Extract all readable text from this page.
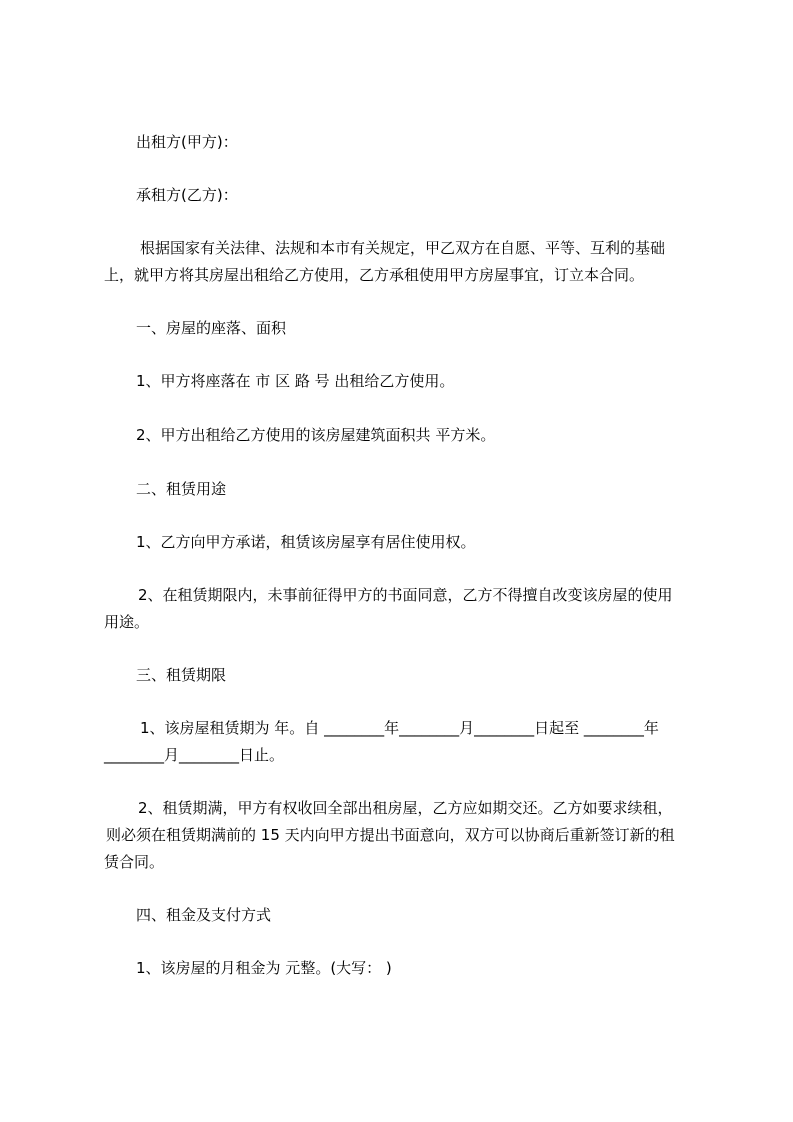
出租方(甲方)：

承租方(乙方)：

根据国家有关法律、法规和本市有关规定，甲乙双方在自愿、平等、互利的基础

上，就甲方将其房屋出租给乙方使用，乙方承租使用甲方房屋事宜，订立本合同。

一、房屋的座落、面积

1、甲方将座落在 市 区 路 号 出租给乙方使用。

2、甲方出租给乙方使用的该房屋建筑面积共 平方米。

二、租赁用途

1、乙方向甲方承诺，租赁该房屋享有居住使用权。

2、在租赁期限内，未事前征得甲方的书面同意，乙方不得擅自改变该房屋的使用

用途。

三、租赁期限

1、该房屋租赁期为 年。自 ________年________月________日起至 ________年

________月________日止。

2、租赁期满，甲方有权收回全部出租房屋，乙方应如期交还。乙方如要求续租，

则必须在租赁期满前的 15 天内向甲方提出书面意向，双方可以协商后重新签订新的租

赁合同。

四、租金及支付方式

1、该房屋的月租金为 元整。(大写： )
